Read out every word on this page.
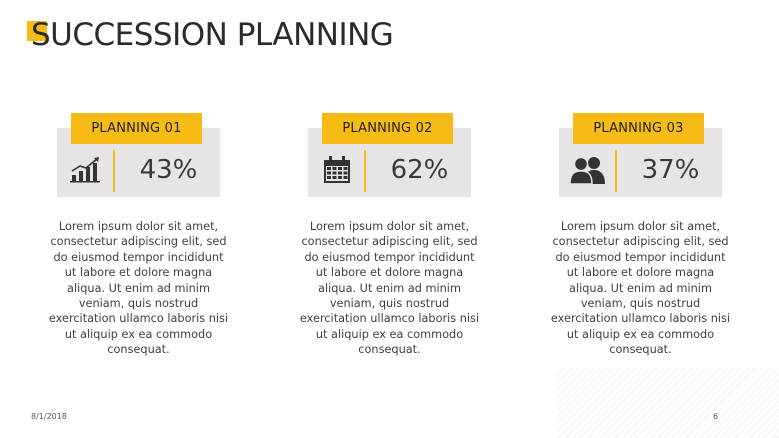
SUCCESSION PLANNING
PLANNING 01
43%
Lorem ipsum dolor sit amet, consectetur adipiscing elit, sed do eiusmod tempor incididunt ut labore et dolore magna aliqua. Ut enim ad minim veniam, quis nostrud exercitation ullamco laboris nisi ut aliquip ex ea commodo consequat.
PLANNING 02
62%
Lorem ipsum dolor sit amet, consectetur adipiscing elit, sed do eiusmod tempor incididunt ut labore et dolore magna aliqua. Ut enim ad minim veniam, quis nostrud exercitation ullamco laboris nisi ut aliquip ex ea commodo consequat.
PLANNING 03
37%
Lorem ipsum dolor sit amet, consectetur adipiscing elit, sed do eiusmod tempor incididunt ut labore et dolore magna aliqua. Ut enim ad minim veniam, quis nostrud exercitation ullamco laboris nisi ut aliquip ex ea commodo consequat.
8/1/2018	6
